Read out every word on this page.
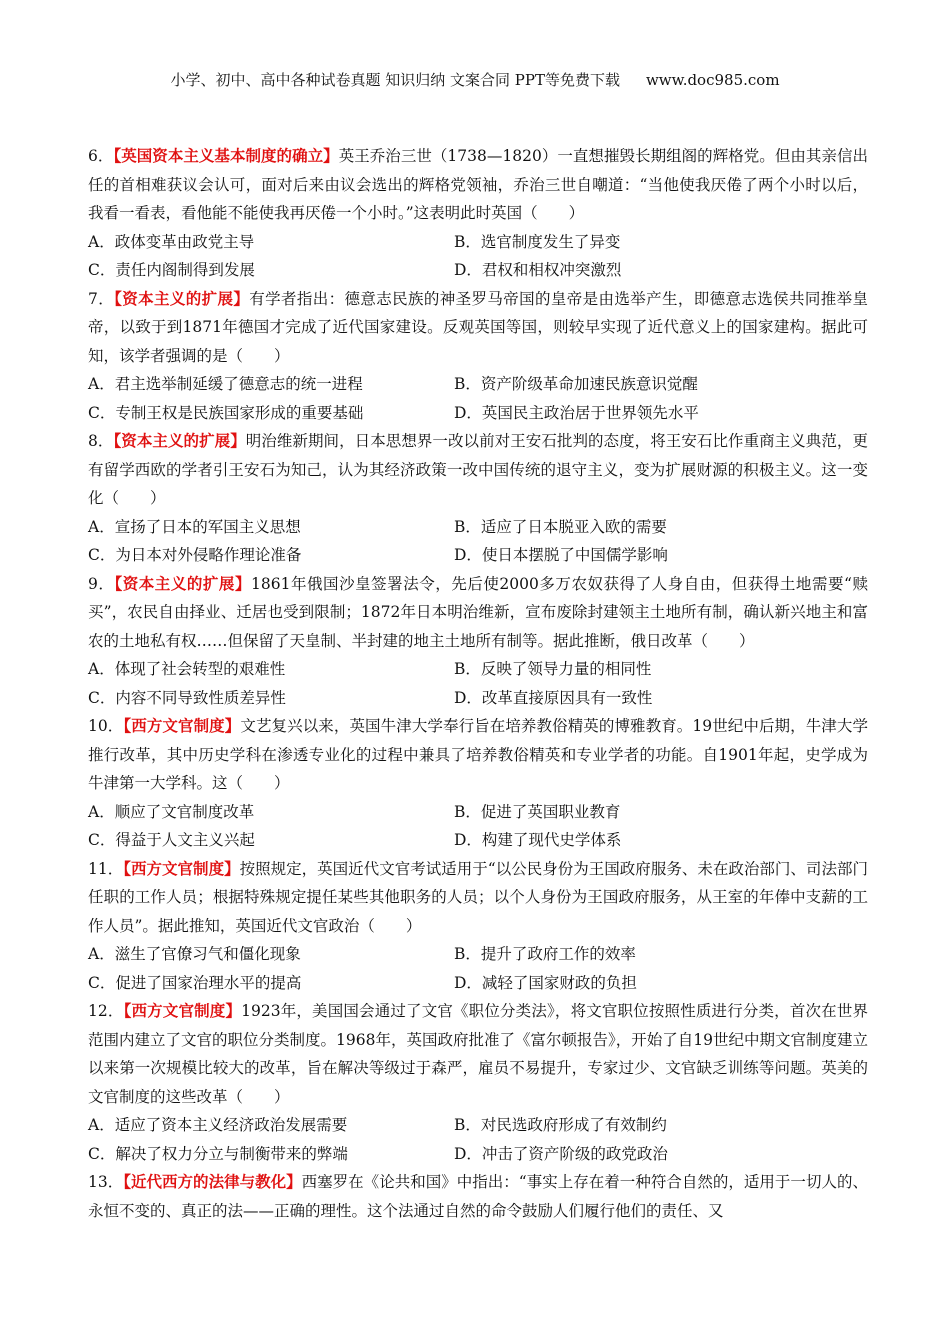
小学、初中、高中各种试卷真题 知识归纳 文案合同 PPT等免费下载 www.doc985.com

6．【英国资本主义基本制度的确立】英王乔治三世（1738—1820）一直想摧毁长期组阁的辉格党。但由其亲信出任的首相难获议会认可，面对后来由议会选出的辉格党领袖，乔治三世自嘲道：“当他使我厌倦了两个小时以后，我看一看表，看他能不能使我再厌倦一个小时。”这表明此时英国（　　）

A．政体变革由政党主导	B．选官制度发生了异变
C．责任内阁制得到发展	D．君权和相权冲突激烈

7．【资本主义的扩展】有学者指出：德意志民族的神圣罗马帝国的皇帝是由选举产生，即德意志选侯共同推举皇帝，以致于到1871年德国才完成了近代国家建设。反观英国等国，则较早实现了近代意义上的国家建构。据此可知，该学者强调的是（　　）

A．君主选举制延缓了德意志的统一进程	B．资产阶级革命加速民族意识觉醒
C．专制王权是民族国家形成的重要基础	D．英国民主政治居于世界领先水平

8．【资本主义的扩展】明治维新期间，日本思想界一改以前对王安石批判的态度，将王安石比作重商主义典范，更有留学西欧的学者引王安石为知己，认为其经济政策一改中国传统的退守主义，变为扩展财源的积极主义。这一变化（　　）

A．宣扬了日本的军国主义思想	B．适应了日本脱亚入欧的需要
C．为日本对外侵略作理论准备	D．使日本摆脱了中国儒学影响

9．【资本主义的扩展】1861年俄国沙皇签署法令，先后使2000多万农奴获得了人身自由，但获得土地需要“赎买”，农民自由择业、迁居也受到限制；1872年日本明治维新，宣布废除封建领主土地所有制，确认新兴地主和富农的土地私有权……但保留了天皇制、半封建的地主土地所有制等。据此推断，俄日改革（　　）

A．体现了社会转型的艰难性	B．反映了领导力量的相同性
C．内容不同导致性质差异性	D．改革直接原因具有一致性

10．【西方文官制度】文艺复兴以来，英国牛津大学奉行旨在培养教俗精英的博雅教育。19世纪中后期，牛津大学推行改革，其中历史学科在渗透专业化的过程中兼具了培养教俗精英和专业学者的功能。自1901年起，史学成为牛津第一大学科。这（　　）

A．顺应了文官制度改革	B．促进了英国职业教育
C．得益于人文主义兴起	D．构建了现代史学体系

11．【西方文官制度】按照规定，英国近代文官考试适用于“以公民身份为王国政府服务、未在政治部门、司法部门任职的工作人员；根据特殊规定提任某些其他职务的人员；以个人身份为王国政府服务，从王室的年俸中支薪的工作人员”。据此推知，英国近代文官政治（　　）

A．滋生了官僚习气和僵化现象	B．提升了政府工作的效率
C．促进了国家治理水平的提高	D．减轻了国家财政的负担

12．【西方文官制度】1923年，美国国会通过了文官《职位分类法》，将文官职位按照性质进行分类，首次在世界范围内建立了文官的职位分类制度。1968年，英国政府批准了《富尔顿报告》，开始了自19世纪中期文官制度建立以来第一次规模比较大的改革，旨在解决等级过于森严，雇员不易提升，专家过少、文官缺乏训练等问题。英美的文官制度的这些改革（　　）

A．适应了资本主义经济政治发展需要	B．对民选政府形成了有效制约
C．解决了权力分立与制衡带来的弊端	D．冲击了资产阶级的政党政治

13．【近代西方的法律与教化】西塞罗在《论共和国》中指出：“事实上存在着一种符合自然的，适用于一切人的、永恒不变的、真正的法——正确的理性。这个法通过自然的命令鼓励人们履行他们的责任、又
